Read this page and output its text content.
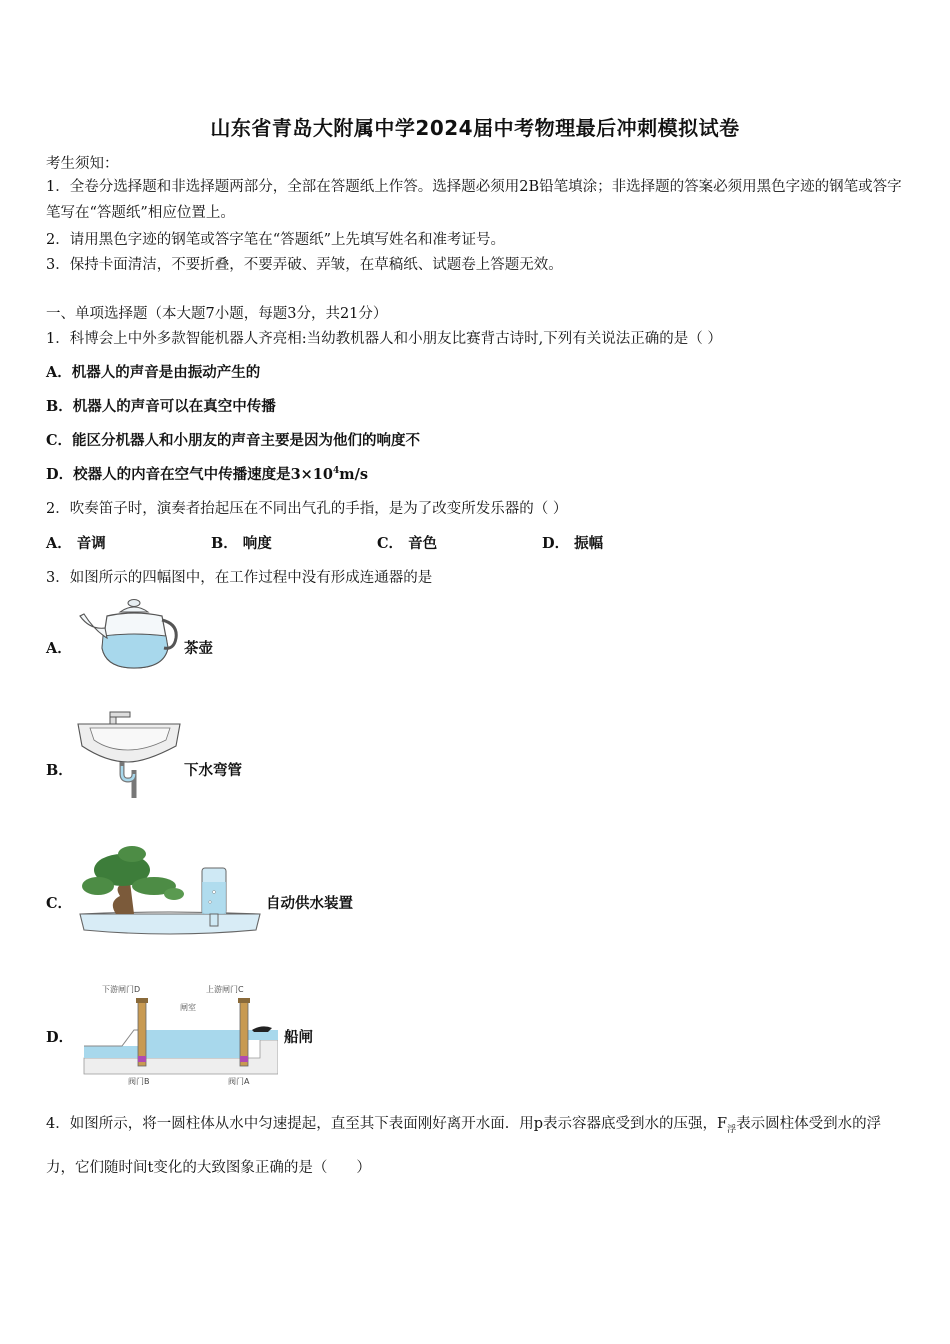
山东省青岛大附属中学2024届中考物理最后冲刺模拟试卷
考生须知：
1．全卷分选择题和非选择题两部分，全部在答题纸上作答。选择题必须用2B铅笔填涂；非选择题的答案必须用黑色字迹的钢笔或答字笔写在“答题纸”相应位置上。
2．请用黑色字迹的钢笔或答字笔在“答题纸”上先填写姓名和准考证号。
3．保持卡面清洁，不要折叠，不要弄破、弄皱，在草稿纸、试题卷上答题无效。
一、单项选择题（本大题7小题，每题3分，共21分）
1．科博会上中外多款智能机器人齐亮相:当幼教机器人和小朋友比赛背古诗时,下列有关说法正确的是（ ）
A．机器人的声音是由振动产生的
B．机器人的声音可以在真空中传播
C．能区分机器人和小朋友的声音主要是因为他们的响度不
D．校器人的内音在空气中传播速度是$3\times 10^4m/s$
2．吹奏笛子时，演奏者抬起压在不同出气孔的手指，是为了改变所发乐器的（ ）
A． 音调	B． 响度	C． 音色	D． 振幅
3．如图所示的四幅图中，在工作过程中没有形成连通器的是
A．	茶壶
B．	下水弯管
C．	自动供水装置
D．
下游闸门D	上游闸门C
闸室
阀门B	阀门A
船闸
4．如图所示，将一圆柱体从水中匀速提起，直至其下表面刚好离开水面．用p表示容器底受到水的压强，$F_浮$表示圆柱体受到水的浮力，它们随时间t变化的大致图象正确的是（　　）
